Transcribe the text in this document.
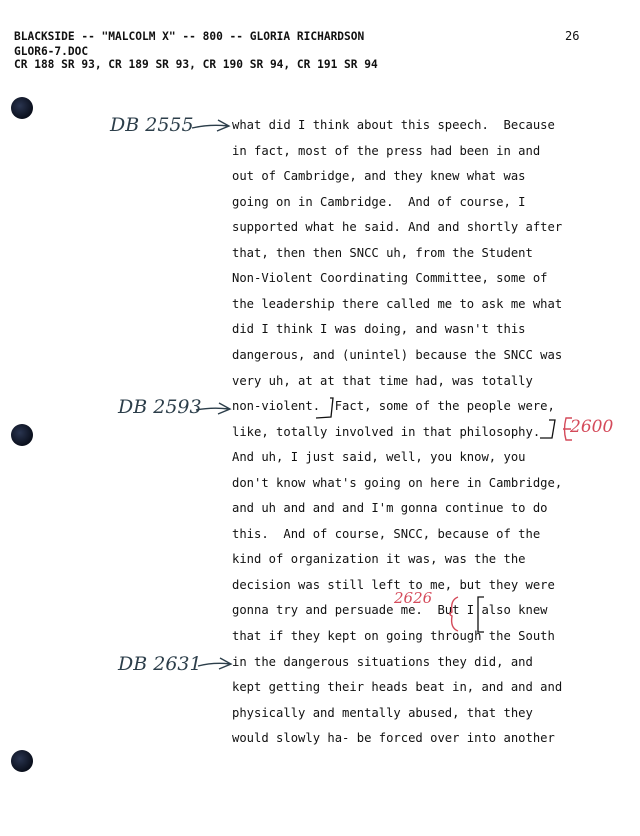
BLACKSIDE -- "MALCOLM X" -- 800 -- GLORIA RICHARDSON
GLOR6-7.DOC
CR 188 SR 93, CR 189 SR 93, CR 190 SR 94, CR 191 SR 94
26
what did I think about this speech.  Because
in fact, most of the press had been in and
out of Cambridge, and they knew what was
going on in Cambridge.  And of course, I
supported what he said. And and shortly after
that, then then SNCC uh, from the Student
Non-Violent Coordinating Committee, some of
the leadership there called me to ask me what
did I think I was doing, and wasn't this
dangerous, and (unintel) because the SNCC was
very uh, at at that time had, was totally
non-violent.  Fact, some of the people were,
like, totally involved in that philosophy.
And uh, I just said, well, you know, you
don't know what's going on here in Cambridge,
and uh and and and I'm gonna continue to do
this.  And of course, SNCC, because of the
kind of organization it was, was the the
decision was still left to me, but they were
gonna try and persuade me.  But I also knew
that if they kept on going through the South
in the dangerous situations they did, and
kept getting their heads beat in, and and and
physically and mentally abused, that they
would slowly ha- be forced over into another
DB 2555
DB 2593
DB 2631
2600
2626
